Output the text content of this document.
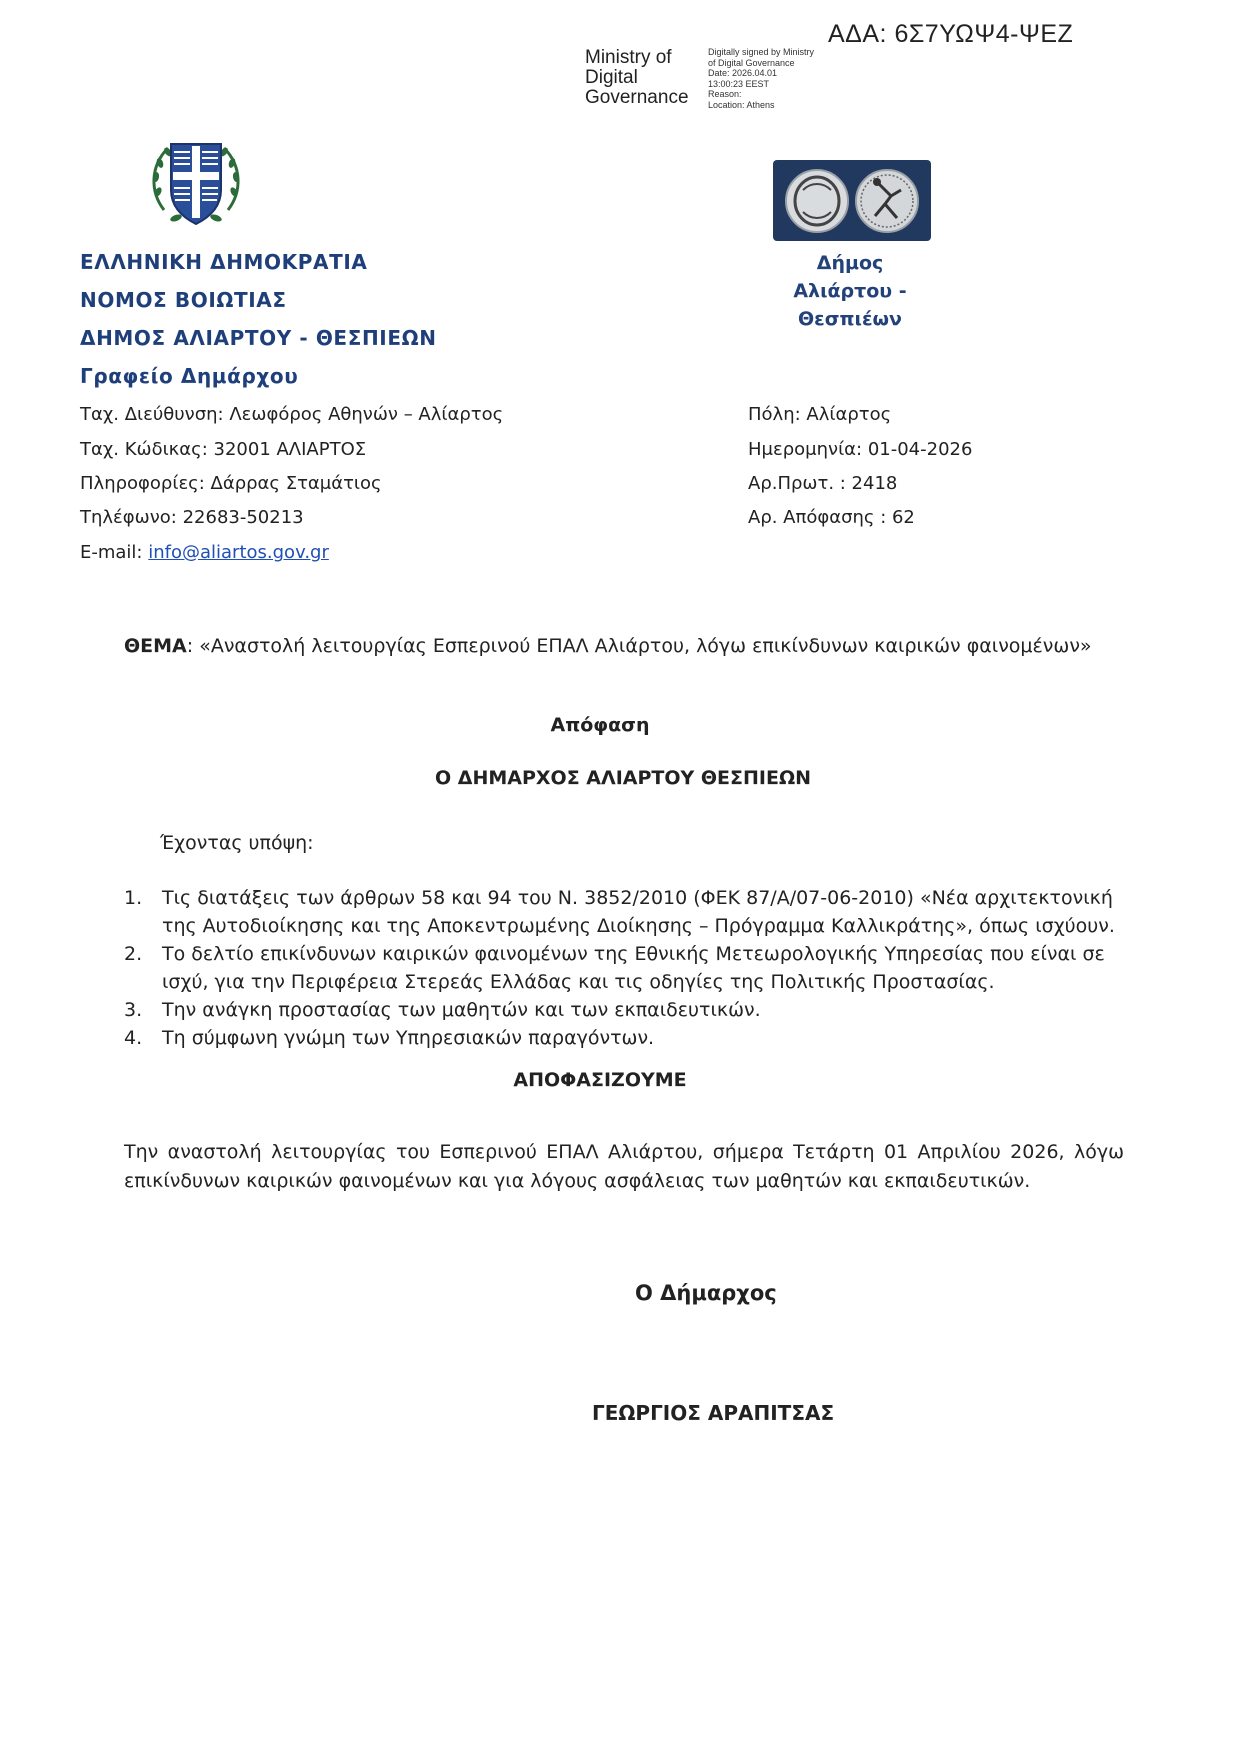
ΑΔΑ: 6Σ7ΥΩΨ4-ΨΕΖ
Ministry of
Digital
Governance
Digitally signed by Ministry
of Digital Governance
Date: 2026.04.01
13:00:23 EEST
Reason:
Location: Athens
ΕΛΛΗΝΙΚΗ ΔΗΜΟΚΡΑΤΙΑ
ΝΟΜΟΣ ΒΟΙΩΤΙΑΣ
ΔΗΜΟΣ ΑΛΙΑΡΤΟΥ - ΘΕΣΠΙΕΩΝ
Γραφείο Δημάρχου
Δήμος
Αλιάρτου - Θεσπιέων
Ταχ. Διεύθυνση: Λεωφόρος Αθηνών – Αλίαρτος
Ταχ. Κώδικας: 32001 ΑΛΙΑΡΤΟΣ
Πληροφορίες: Δάρρας Σταμάτιος
Τηλέφωνο: 22683-50213
E-mail: info@aliartos.gov.gr
Πόλη: Αλίαρτος
Ημερομηνία: 01-04-2026
Αρ.Πρωτ. : 2418
Αρ. Απόφασης : 62
ΘΕΜΑ: «Αναστολή λειτουργίας Εσπερινού ΕΠΑΛ Αλιάρτου, λόγω επικίνδυνων καιρικών φαινομένων»
Απόφαση
Ο ΔΗΜΑΡΧΟΣ ΑΛΙΑΡΤΟΥ ΘΕΣΠΙΕΩΝ
Έχοντας υπόψη:
1. Τις διατάξεις των άρθρων 58 και 94 του Ν. 3852/2010 (ΦΕΚ 87/Α/07-06-2010) «Νέα αρχιτεκτονική της Αυτοδιοίκησης και της Αποκεντρωμένης Διοίκησης – Πρόγραμμα Καλλικράτης», όπως ισχύουν.
2. Το δελτίο επικίνδυνων καιρικών φαινομένων της Εθνικής Μετεωρολογικής Υπηρεσίας που είναι σε ισχύ, για την Περιφέρεια Στερεάς Ελλάδας και τις οδηγίες της Πολιτικής Προστασίας.
3. Την ανάγκη προστασίας των μαθητών και των εκπαιδευτικών.
4. Τη σύμφωνη γνώμη των Υπηρεσιακών παραγόντων.
ΑΠΟΦΑΣΙΖΟΥΜΕ
Την αναστολή λειτουργίας του Εσπερινού ΕΠΑΛ Αλιάρτου, σήμερα Τετάρτη 01 Απριλίου 2026, λόγω επικίνδυνων καιρικών φαινομένων και για λόγους ασφάλειας των μαθητών και εκπαιδευτικών.
Ο Δήμαρχος
ΓΕΩΡΓΙΟΣ ΑΡΑΠΙΤΣΑΣ
